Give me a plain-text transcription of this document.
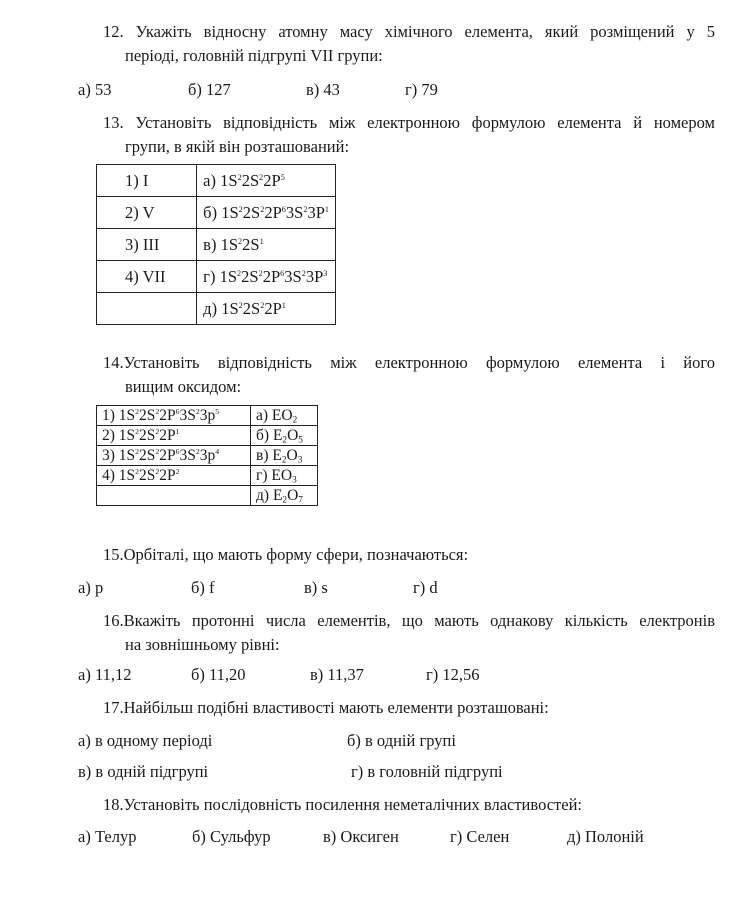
12. Укажіть відносну атомну масу хімічного елемента, який розміщений у 5
періоді, головній підгрупі VII групи:
а) 53	б) 127	в) 43	г) 79
13. Установіть відповідність між електронною формулою елемента й номером
групи, в якій він розташований:
1) I	а) $1S^22S^22P^5$
2) V	б) $1S^22S^22P^63S^23P^1$
3) III	в) $1S^22S^1$
4) VII	г) $1S^22S^22P^63S^23P^3$
	д) $1S^22S^22P^1$
14.Установіть відповідність між електронною формулою елемента і його
вищим оксидом:
1) $1S^22S^22P^63S^23p^5$	а) $EO_2$
2) $1S^22S^22P^1$	б) $E_2O_5$
3) $1S^22S^22P^63S^23p^4$	в) $E_2O_3$
4) $1S^22S^22P^2$	г) $EO_3$
	д) $E_2O_7$
15.Орбіталі, що мають форму сфери, позначаються:
а) p	б) f	в) s	г) d
16.Вкажіть протонні числа елементів, що мають однакову кількість електронів
на зовнішньому рівні:
а) 11,12	б) 11,20	в) 11,37	г) 12,56
17.Найбільш подібні властивості мають елементи розташовані:
а) в одному періоді	б) в одній групі
в) в одній підгрупі	г) в головній підгрупі
18.Установіть послідовність посилення неметалічних властивостей:
а) Телур	б) Сульфур	в) Оксиген	г) Селен	д) Полоній
